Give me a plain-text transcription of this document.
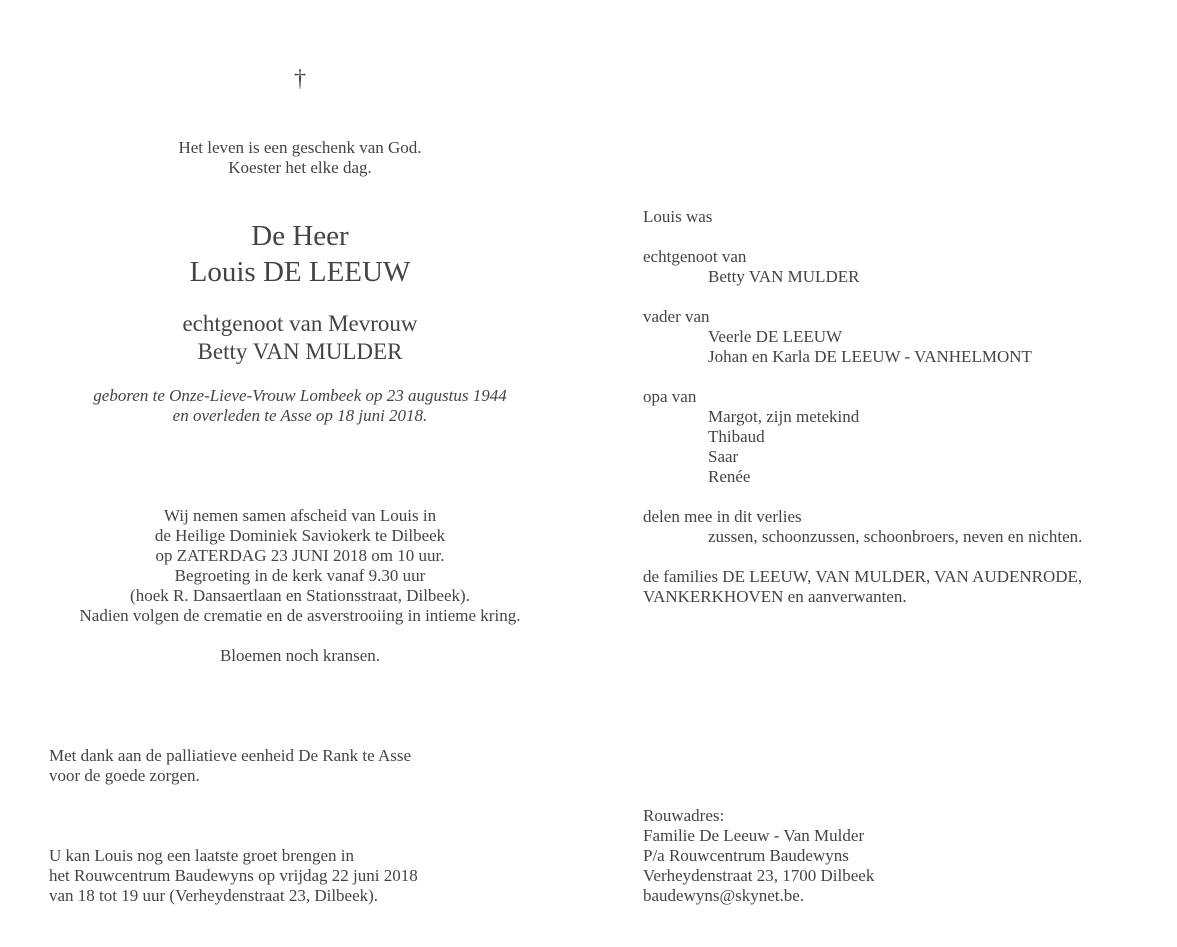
†
Het leven is een geschenk van God.
Koester het elke dag.
De Heer
Louis DE LEEUW
echtgenoot van Mevrouw
Betty VAN MULDER
geboren te Onze-Lieve-Vrouw Lombeek op 23 augustus 1944
en overleden te Asse op 18 juni 2018.
Wij nemen samen afscheid van Louis in
de Heilige Dominiek Saviokerk te Dilbeek
op ZATERDAG 23 JUNI 2018 om 10 uur.
Begroeting in de kerk vanaf 9.30 uur
(hoek R. Dansaertlaan en Stationsstraat, Dilbeek).
Nadien volgen de crematie en de asverstrooiing in intieme kring.
Bloemen noch kransen.
Met dank aan de palliatieve eenheid De Rank te Asse
voor de goede zorgen.
U kan Louis nog een laatste groet brengen in
het Rouwcentrum Baudewyns op vrijdag 22 juni 2018
van 18 tot 19 uur (Verheydenstraat 23, Dilbeek).
Louis was
echtgenoot van
Betty VAN MULDER
vader van
Veerle DE LEEUW
Johan en Karla DE LEEUW - VANHELMONT
opa van
Margot, zijn metekind
Thibaud
Saar
Renée
delen mee in dit verlies
zussen, schoonzussen, schoonbroers, neven en nichten.
de families DE LEEUW, VAN MULDER, VAN AUDENRODE,
VANKERKHOVEN en aanverwanten.
Rouwadres:
Familie De Leeuw - Van Mulder
P/a Rouwcentrum Baudewyns
Verheydenstraat 23, 1700 Dilbeek
baudewyns@skynet.be.
